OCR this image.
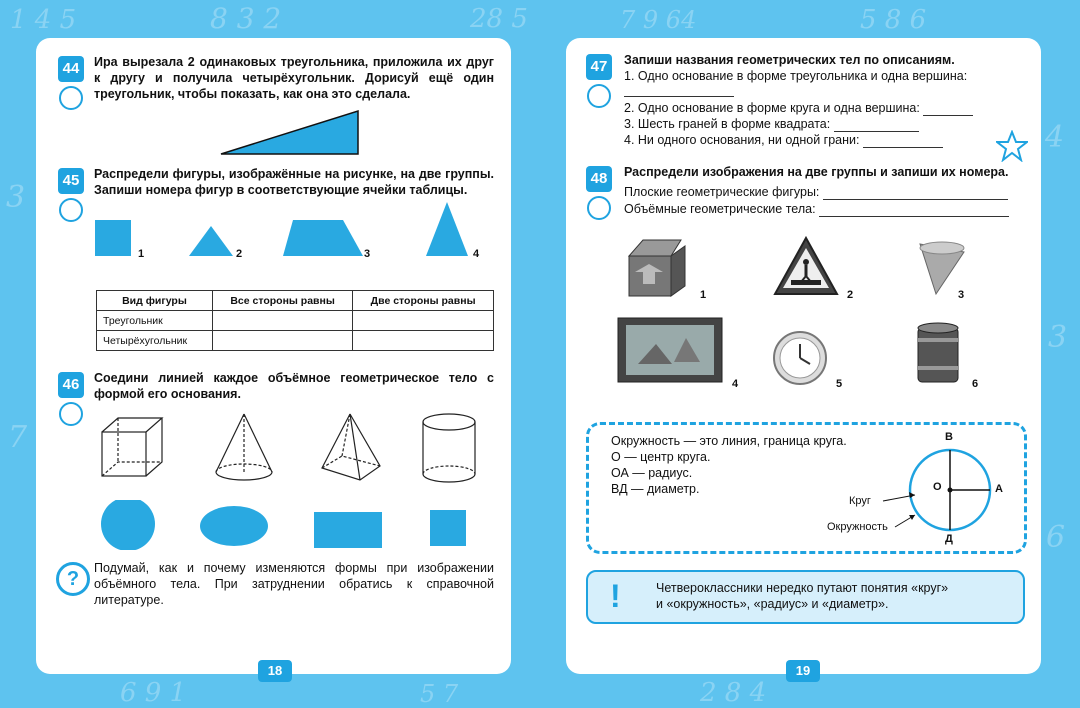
1 4 5	8 3 2	28 5	7 9 64	5 8 6
4
3
6
3
7
6 9 1	5 7	2 8 4
44	Ира вырезала 2 одинаковых треугольника, приложила их друг к другу и получила четырёхугольник. Дорисуй ещё один треугольник, чтобы показать, как она это сделала.
45	Распредели фигуры, изображённые на рисунке, на две группы. Запиши номера фигур в соответствующие ячейки таблицы.
1	2	3	4
Вид фигуры	Все стороны равны	Две стороны равны
Треугольник		
Четырёхугольник		
46	Соедини линией каждое объёмное геометрическое тело с формой его основания.
?	Подумай, как и почему изменяются формы при изображении объёмного тела. При затруднении обратись к справочной литературе.
18
47	Запиши названия геометрических тел по описаниям.
1. Одно основание в форме треугольника и одна вершина:
2. Одно основание в форме круга и одна вершина:
3. Шесть граней в форме квадрата:
4. Ни одного основания, ни одной грани:
48	Распредели изображения на две группы и запиши их номера.
Плоские геометрические фигуры:
Объёмные геометрические тела:
1	2	3
4	5	6
Окружность — это линия, граница круга.
О — центр круга.
ОА — радиус.
ВД — диаметр.
В
Д
О	А
Круг
Окружность
!	Четвероклассники нередко путают понятия «круг»
и «окружность», «радиус» и «диаметр».
19
